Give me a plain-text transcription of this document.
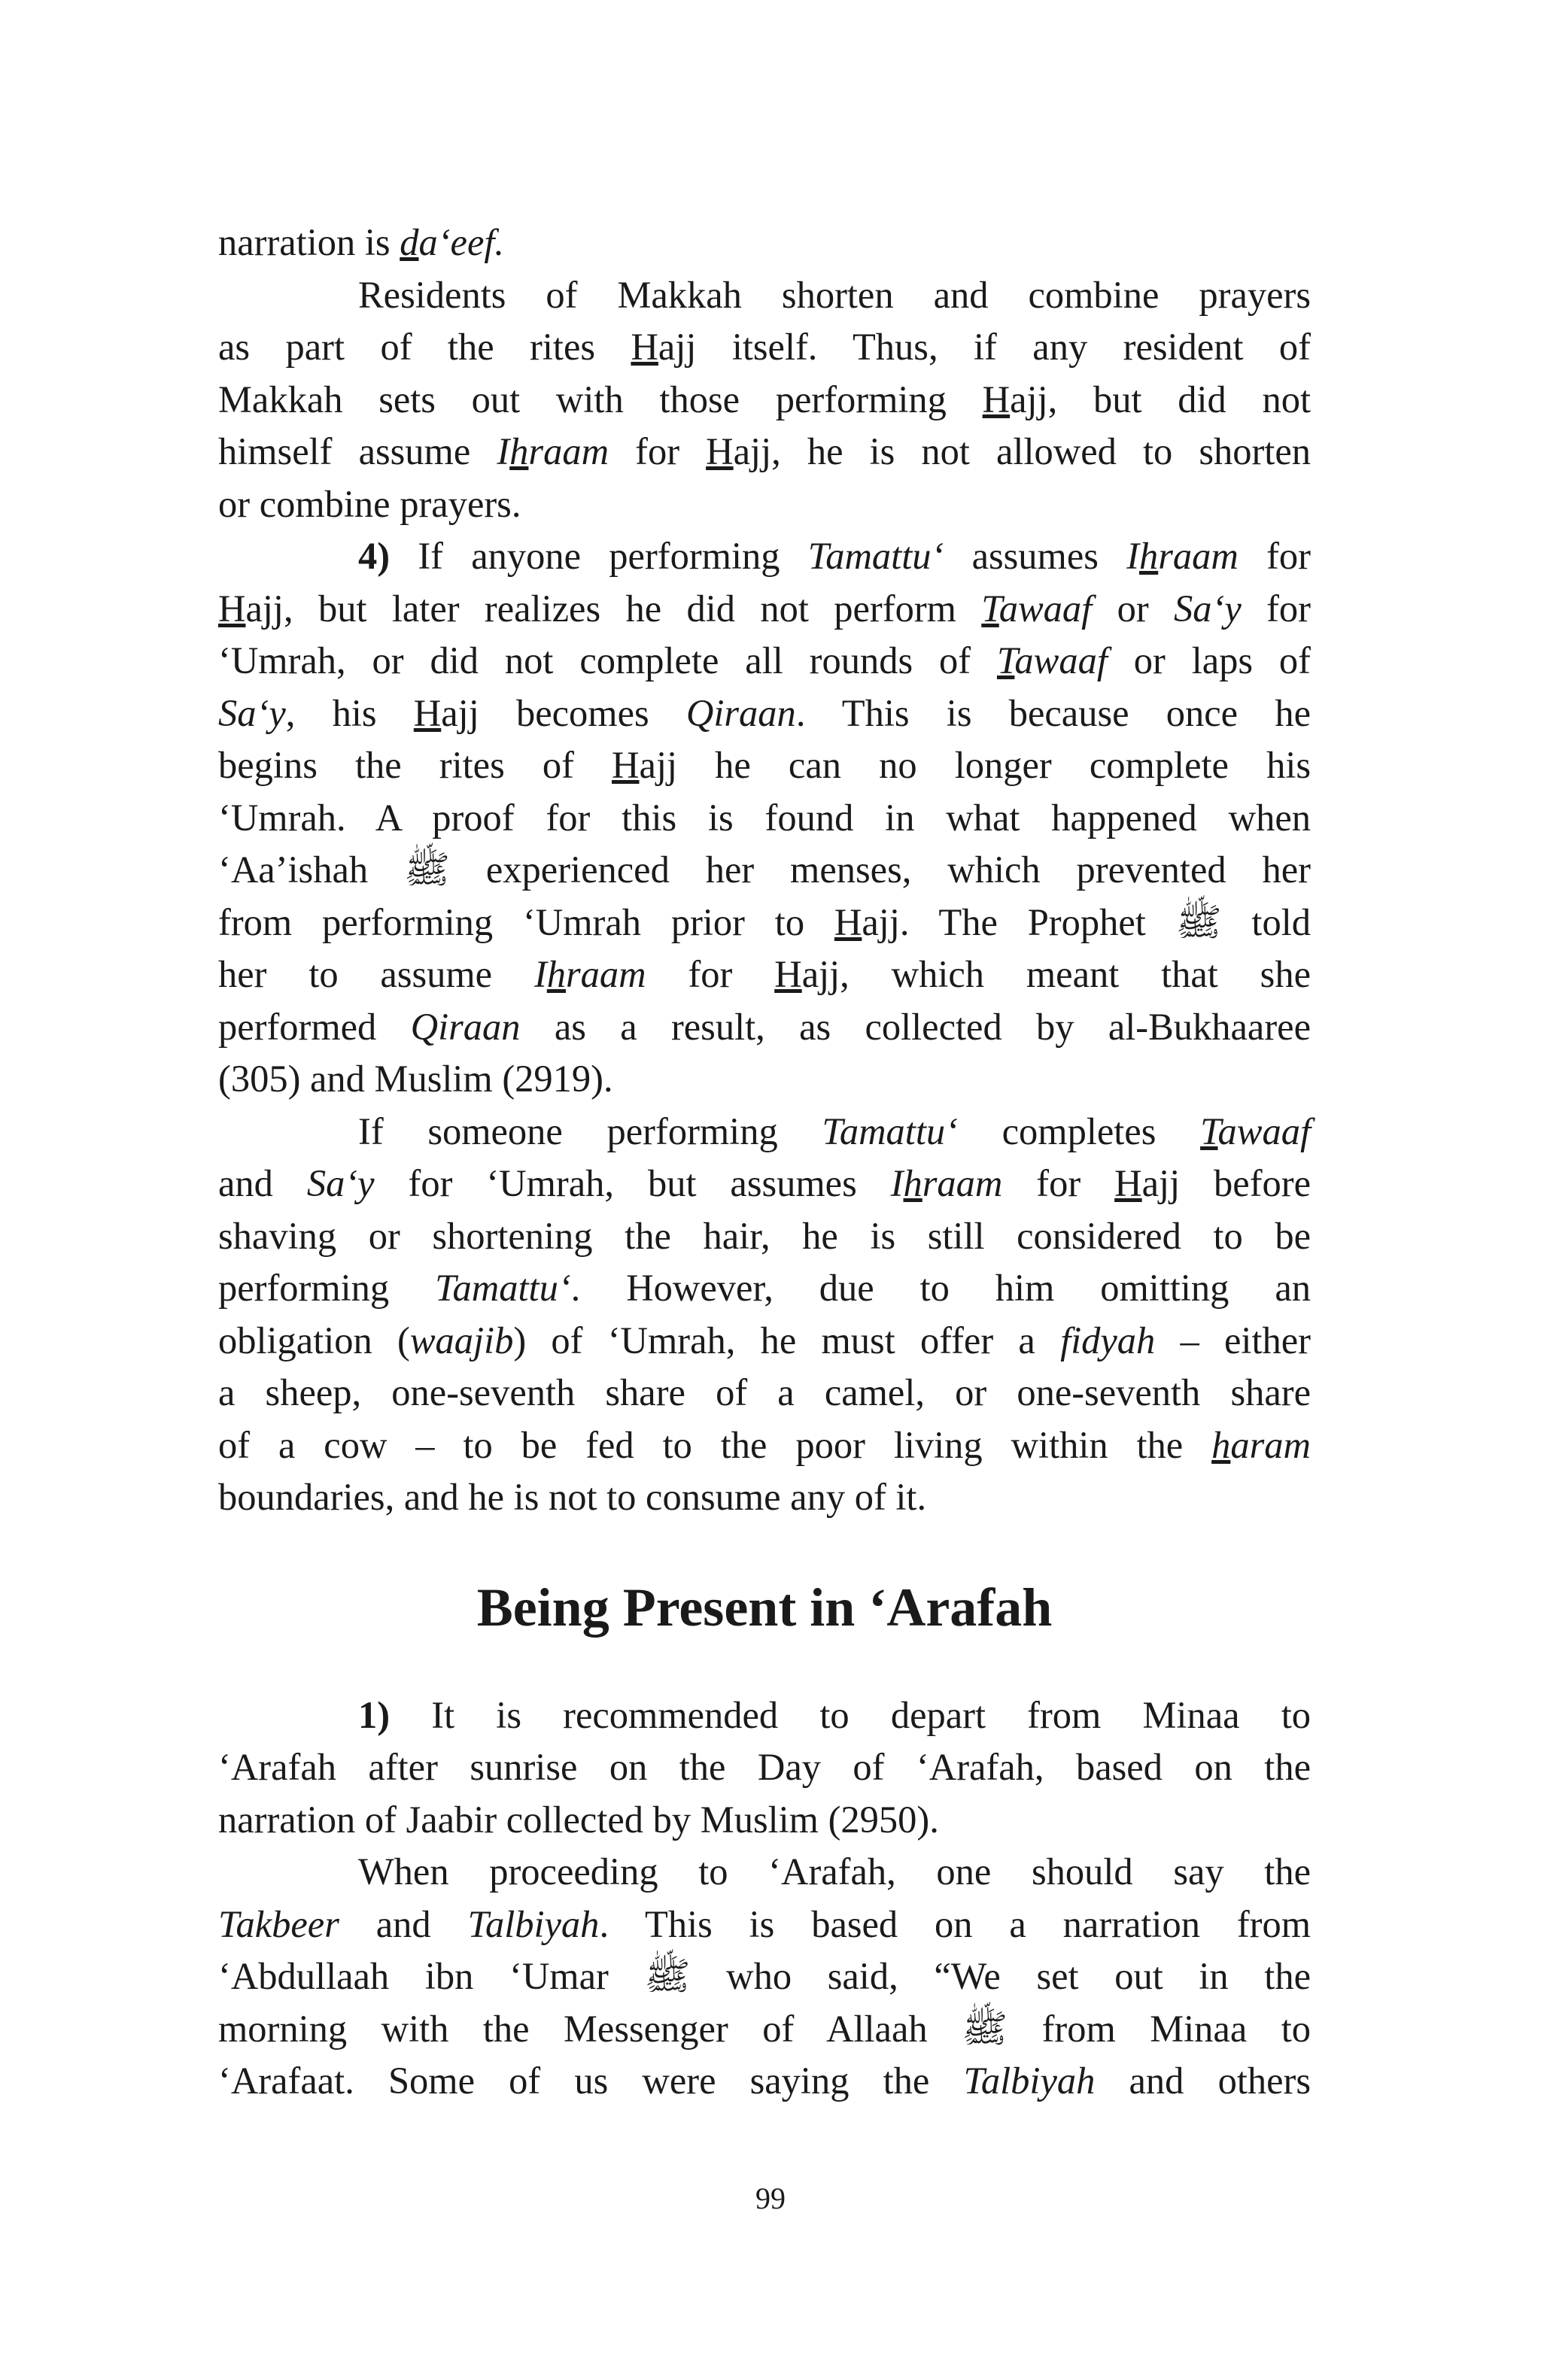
narration is da‘eef.
Residents of Makkah shorten and combine prayers
as part of the rites Hajj itself. Thus, if any resident of
Makkah sets out with those performing Hajj, but did not
himself assume Ihraam for Hajj, he is not allowed to shorten
or combine prayers.
4) If anyone performing Tamattu‘ assumes Ihraam for
Hajj, but later realizes he did not perform Tawaaf or Sa‘y for
‘Umrah, or did not complete all rounds of Tawaaf or laps of
Sa‘y, his Hajj becomes Qiraan. This is because once he
begins the rites of Hajj he can no longer complete his
‘Umrah. A proof for this is found in what happened when
‘Aa’ishah ﷺ experienced her menses, which prevented her
from performing ‘Umrah prior to Hajj. The Prophet ﷺ told
her to assume Ihraam for Hajj, which meant that she
performed Qiraan as a result, as collected by al-Bukhaaree
(305) and Muslim (2919).
If someone performing Tamattu‘ completes Tawaaf
and Sa‘y for ‘Umrah, but assumes Ihraam for Hajj before
shaving or shortening the hair, he is still considered to be
performing Tamattu‘. However, due to him omitting an
obligation (waajib) of ‘Umrah, he must offer a fidyah – either
a sheep, one-seventh share of a camel, or one-seventh share
of a cow – to be fed to the poor living within the haram
boundaries, and he is not to consume any of it.
Being Present in ‘Arafah
1) It is recommended to depart from Minaa to
‘Arafah after sunrise on the Day of ‘Arafah, based on the
narration of Jaabir collected by Muslim (2950).
When proceeding to ‘Arafah, one should say the
Takbeer and Talbiyah. This is based on a narration from
‘Abdullaah ibn ‘Umar ﷺ who said, “We set out in the
morning with the Messenger of Allaah ﷺ from Minaa to
‘Arafaat. Some of us were saying the Talbiyah and others
99
